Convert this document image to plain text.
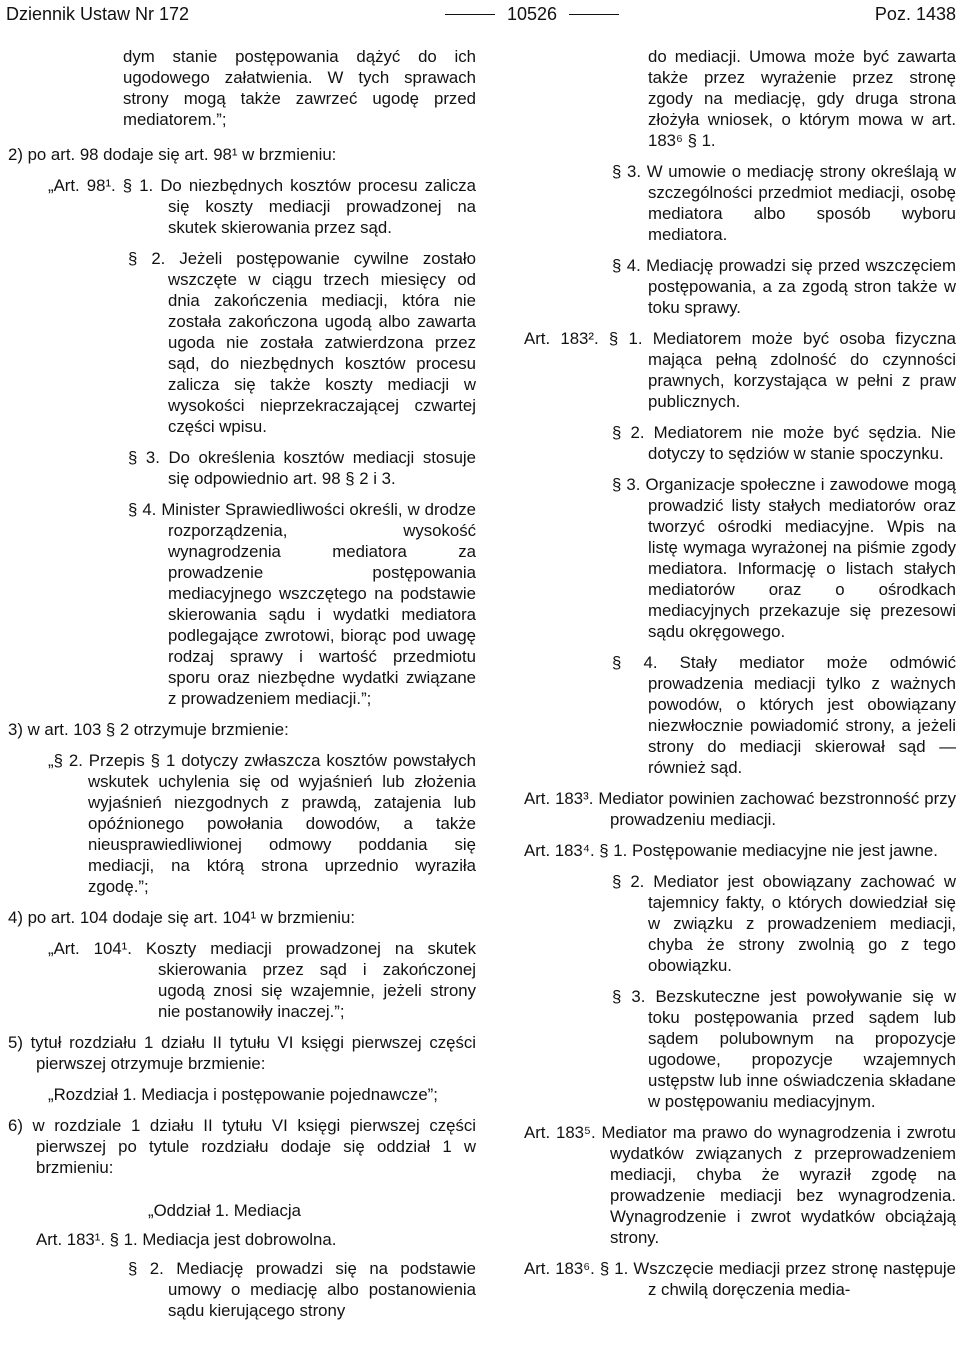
Dziennik Ustaw Nr 172	10526	Poz. 1438

dym stanie postępowania dążyć do ich ugodowego załatwienia. W tych sprawach strony mogą także zawrzeć ugodę przed mediatorem.”;

2) po art. 98 dodaje się art. 98¹ w brzmieniu:

„Art. 98¹. § 1. Do niezbędnych kosztów procesu zalicza się koszty mediacji prowadzonej na skutek skierowania przez sąd.

§ 2. Jeżeli postępowanie cywilne zostało wszczęte w ciągu trzech miesięcy od dnia zakończenia mediacji, która nie została zakończona ugodą albo zawarta ugoda nie została zatwierdzona przez sąd, do niezbędnych kosztów procesu zalicza się także koszty mediacji w wysokości nieprzekraczającej czwartej części wpisu.

§ 3. Do określenia kosztów mediacji stosuje się odpowiednio art. 98 § 2 i 3.

§ 4. Minister Sprawiedliwości określi, w drodze rozporządzenia, wysokość wynagrodzenia mediatora za prowadzenie postępowania mediacyjnego wszczętego na podstawie skierowania sądu i wydatki mediatora podlegające zwrotowi, biorąc pod uwagę rodzaj sprawy i wartość przedmiotu sporu oraz niezbędne wydatki związane z prowadzeniem mediacji.”;

3) w art. 103 § 2 otrzymuje brzmienie:

„§ 2. Przepis § 1 dotyczy zwłaszcza kosztów powstałych wskutek uchylenia się od wyjaśnień lub złożenia wyjaśnień niezgodnych z prawdą, zatajenia lub opóźnionego powołania dowodów, a także nieusprawiedliwionej odmowy poddania się mediacji, na którą strona uprzednio wyraziła zgodę.”;

4) po art. 104 dodaje się art. 104¹ w brzmieniu:

„Art. 104¹. Koszty mediacji prowadzonej na skutek skierowania przez sąd i zakończonej ugodą znosi się wzajemnie, jeżeli strony nie postanowiły inaczej.”;

5) tytuł rozdziału 1 działu II tytułu VI księgi pierwszej części pierwszej otrzymuje brzmienie:

„Rozdział 1. Mediacja i postępowanie pojednawcze”;

6) w rozdziale 1 działu II tytułu VI księgi pierwszej części pierwszej po tytule rozdziału dodaje się oddział 1 w brzmieniu:

„Oddział 1. Mediacja

Art. 183¹. § 1. Mediacja jest dobrowolna.

§ 2. Mediację prowadzi się na podstawie umowy o mediację albo postanowienia sądu kierującego strony

do mediacji. Umowa może być zawarta także przez wyrażenie przez stronę zgody na mediację, gdy druga strona złożyła wniosek, o którym mowa w art. 183⁶ § 1.

§ 3. W umowie o mediację strony określają w szczególności przedmiot mediacji, osobę mediatora albo sposób wyboru mediatora.

§ 4. Mediację prowadzi się przed wszczęciem postępowania, a za zgodą stron także w toku sprawy.

Art. 183². § 1. Mediatorem może być osoba fizyczna mająca pełną zdolność do czynności prawnych, korzystająca w pełni z praw publicznych.

§ 2. Mediatorem nie może być sędzia. Nie dotyczy to sędziów w stanie spoczynku.

§ 3. Organizacje społeczne i zawodowe mogą prowadzić listy stałych mediatorów oraz tworzyć ośrodki mediacyjne. Wpis na listę wymaga wyrażonej na piśmie zgody mediatora. Informację o listach stałych mediatorów oraz o ośrodkach mediacyjnych przekazuje się prezesowi sądu okręgowego.

§ 4. Stały mediator może odmówić prowadzenia mediacji tylko z ważnych powodów, o których jest obowiązany niezwłocznie powiadomić strony, a jeżeli strony do mediacji skierował sąd — również sąd.

Art. 183³. Mediator powinien zachować bezstronność przy prowadzeniu mediacji.

Art. 183⁴. § 1. Postępowanie mediacyjne nie jest jawne.

§ 2. Mediator jest obowiązany zachować w tajemnicy fakty, o których dowiedział się w związku z prowadzeniem mediacji, chyba że strony zwolnią go z tego obowiązku.

§ 3. Bezskuteczne jest powoływanie się w toku postępowania przed sądem lub sądem polubownym na propozycje ugodowe, propozycje wzajemnych ustępstw lub inne oświadczenia składane w postępowaniu mediacyjnym.

Art. 183⁵. Mediator ma prawo do wynagrodzenia i zwrotu wydatków związanych z przeprowadzeniem mediacji, chyba że wyraził zgodę na prowadzenie mediacji bez wynagrodzenia. Wynagrodzenie i zwrot wydatków obciążają strony.

Art. 183⁶. § 1. Wszczęcie mediacji przez stronę następuje z chwilą doręczenia media-
